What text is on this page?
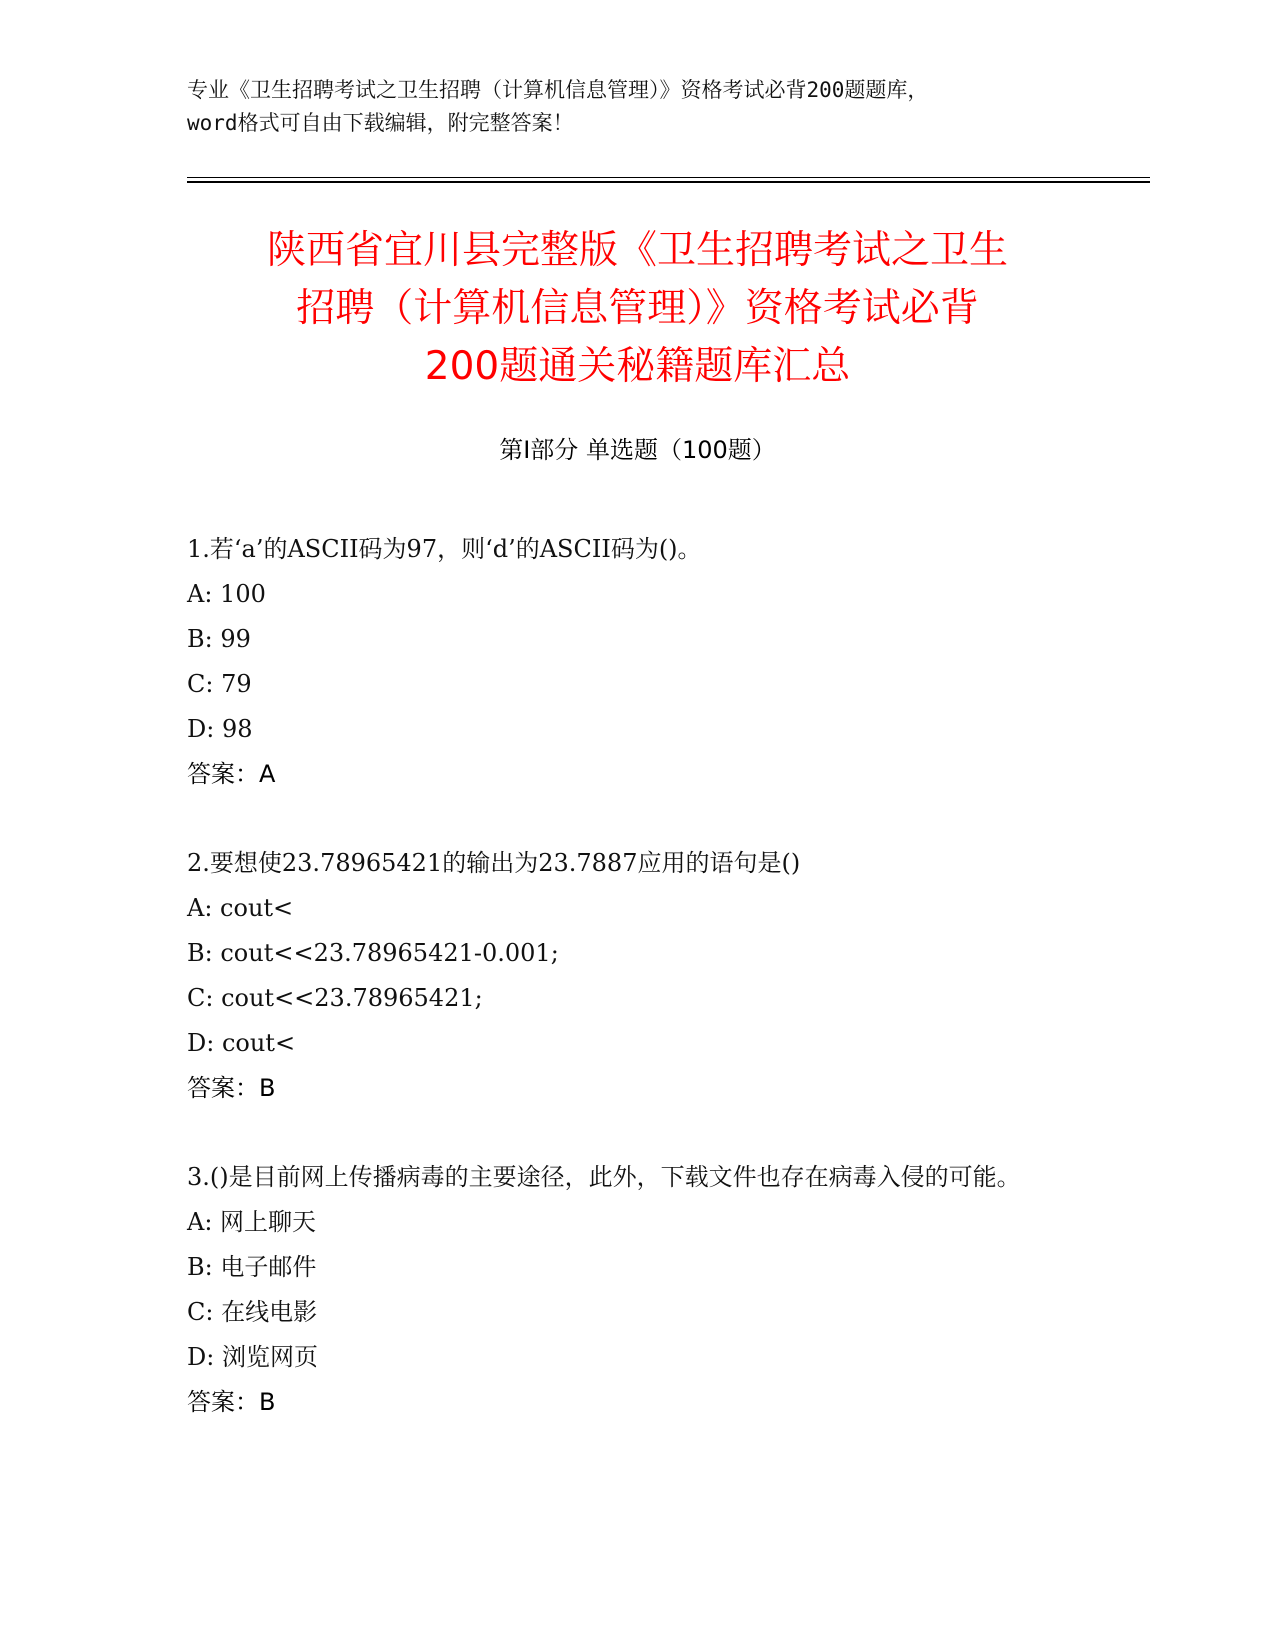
专业《卫生招聘考试之卫生招聘（计算机信息管理）》资格考试必背200题题库，
word格式可自由下载编辑，附完整答案！
陕西省宜川县完整版《卫生招聘考试之卫生
招聘（计算机信息管理）》资格考试必背
200题通关秘籍题库汇总
第Ⅰ部分 单选题（100题）
1.若‘a’的ASCII码为97，则‘d’的ASCII码为()。
A: 100
B: 99
C: 79
D: 98
答案：A
2.要想使23.78965421的输出为23.7887应用的语句是()
A: cout<
B: cout<<23.78965421-0.001;
C: cout<<23.78965421;
D: cout<
答案：B
3.()是目前网上传播病毒的主要途径，此外，下载文件也存在病毒入侵的可能。
A: 网上聊天
B: 电子邮件
C: 在线电影
D: 浏览网页
答案：B
